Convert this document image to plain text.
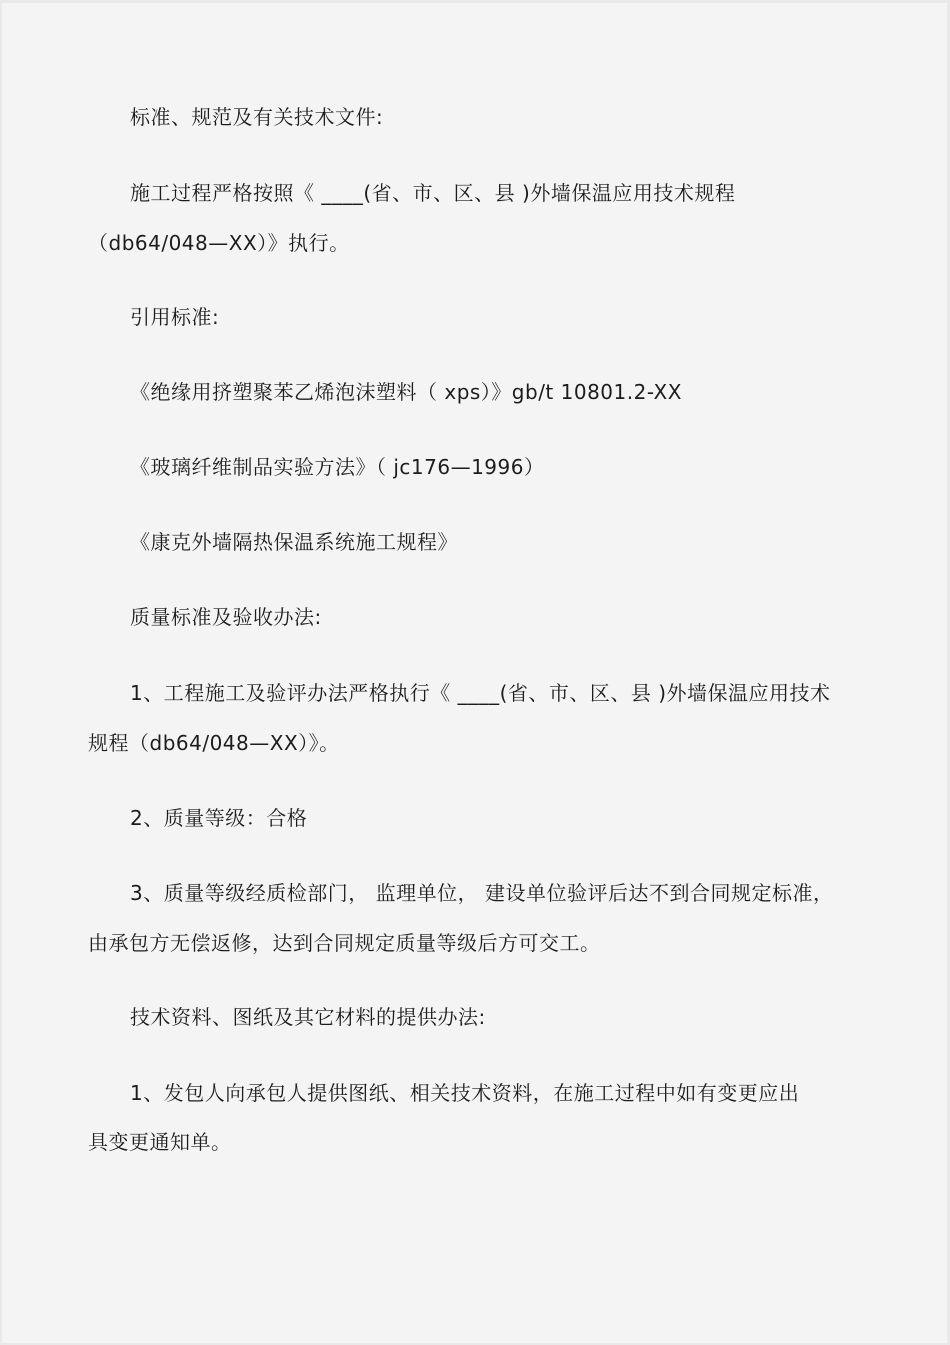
标准、规范及有关技术文件:
施工过程严格按照《 ____(省、市、区、县 )外墙保温应用技术规程
（db64/048—XX）》执行。
引用标准:
《绝缘用挤塑聚苯乙烯泡沫塑料（ xps）》gb/t 10801.2-XX
《玻璃纤维制品实验方法》（ jc176—1996）
《康克外墙隔热保温系统施工规程》
质量标准及验收办法:
1、工程施工及验评办法严格执行《 ____(省、市、区、县 )外墙保温应用技术
规程（db64/048—XX）》。
2、质量等级：合格
3、质量等级经质检部门， 监理单位， 建设单位验评后达不到合同规定标准，
由承包方无偿返修，达到合同规定质量等级后方可交工。
技术资料、图纸及其它材料的提供办法:
1、发包人向承包人提供图纸、相关技术资料，在施工过程中如有变更应出
具变更通知单。
